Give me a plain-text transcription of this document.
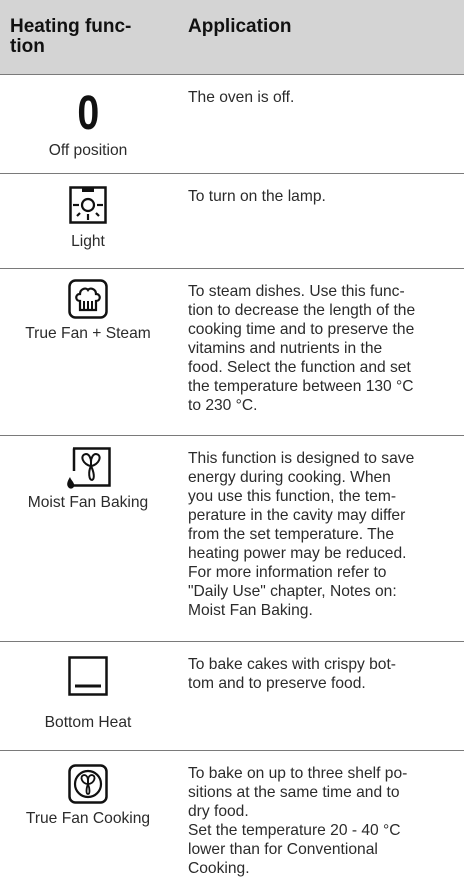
Heating func-
tion
Application
0
Off position
The oven is off.
Light
To turn on the lamp.
True Fan + Steam
To steam dishes. Use this func-
tion to decrease the length of the
cooking time and to preserve the
vitamins and nutrients in the
food. Select the function and set
the temperature between 130 °C
to 230 °C.
Moist Fan Baking
This function is designed to save
energy during cooking. When
you use this function, the tem-
perature in the cavity may differ
from the set temperature. The
heating power may be reduced.
For more information refer to
"Daily Use" chapter, Notes on:
Moist Fan Baking.
Bottom Heat
To bake cakes with crispy bot-
tom and to preserve food.
True Fan Cooking
To bake on up to three shelf po-
sitions at the same time and to
dry food.
Set the temperature 20 - 40 °C
lower than for Conventional
Cooking.
